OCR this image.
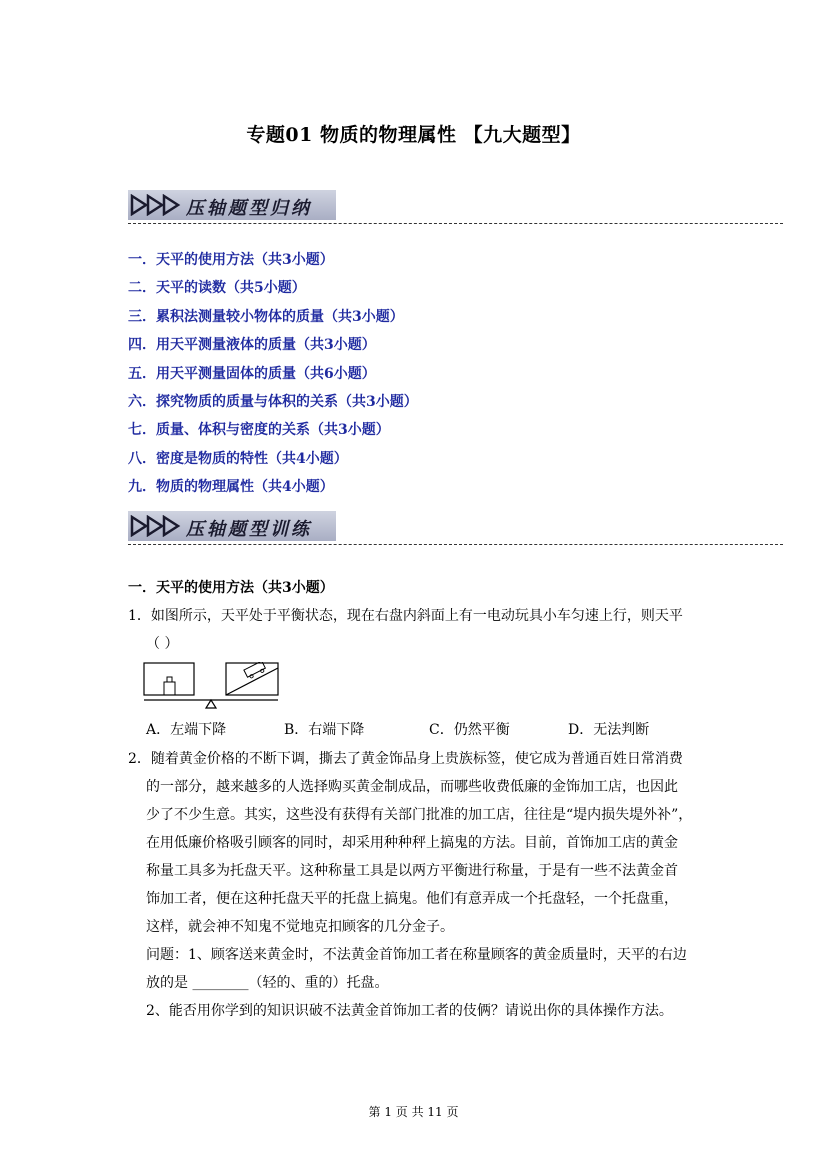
专题01 物质的物理属性 【九大题型】
压轴题型归纳
一．天平的使用方法（共3小题）
二．天平的读数（共5小题）
三．累积法测量较小物体的质量（共3小题）
四．用天平测量液体的质量（共3小题）
五．用天平测量固体的质量（共6小题）
六．探究物质的质量与体积的关系（共3小题）
七．质量、体积与密度的关系（共3小题）
八．密度是物质的特性（共4小题）
九．物质的物理属性（共4小题）
压轴题型训练
一．天平的使用方法（共3小题）
1．如图所示，天平处于平衡状态，现在右盘内斜面上有一电动玩具小车匀速上行，则天平
（ ）
A．左端下降	B．右端下降	C．仍然平衡	D．无法判断
2．随着黄金价格的不断下调，撕去了黄金饰品身上贵族标签，使它成为普通百姓日常消费
的一部分，越来越多的人选择购买黄金制成品，而哪些收费低廉的金饰加工店，也因此
少了不少生意。其实，这些没有获得有关部门批准的加工店，往往是“堤内损失堤外补”，
在用低廉价格吸引顾客的同时，却采用种种秤上搞鬼的方法。目前，首饰加工店的黄金
称量工具多为托盘天平。这种称量工具是以两方平衡进行称量，于是有一些不法黄金首
饰加工者，便在这种托盘天平的托盘上搞鬼。他们有意弄成一个托盘轻，一个托盘重，
这样，就会神不知鬼不觉地克扣顾客的几分金子。
问题：1、顾客送来黄金时，不法黄金首饰加工者在称量顾客的黄金质量时，天平的右边
放的是 ________（轻的、重的）托盘。
2、能否用你学到的知识识破不法黄金首饰加工者的伎俩？请说出你的具体操作方法。
第 1 页 共 11 页
